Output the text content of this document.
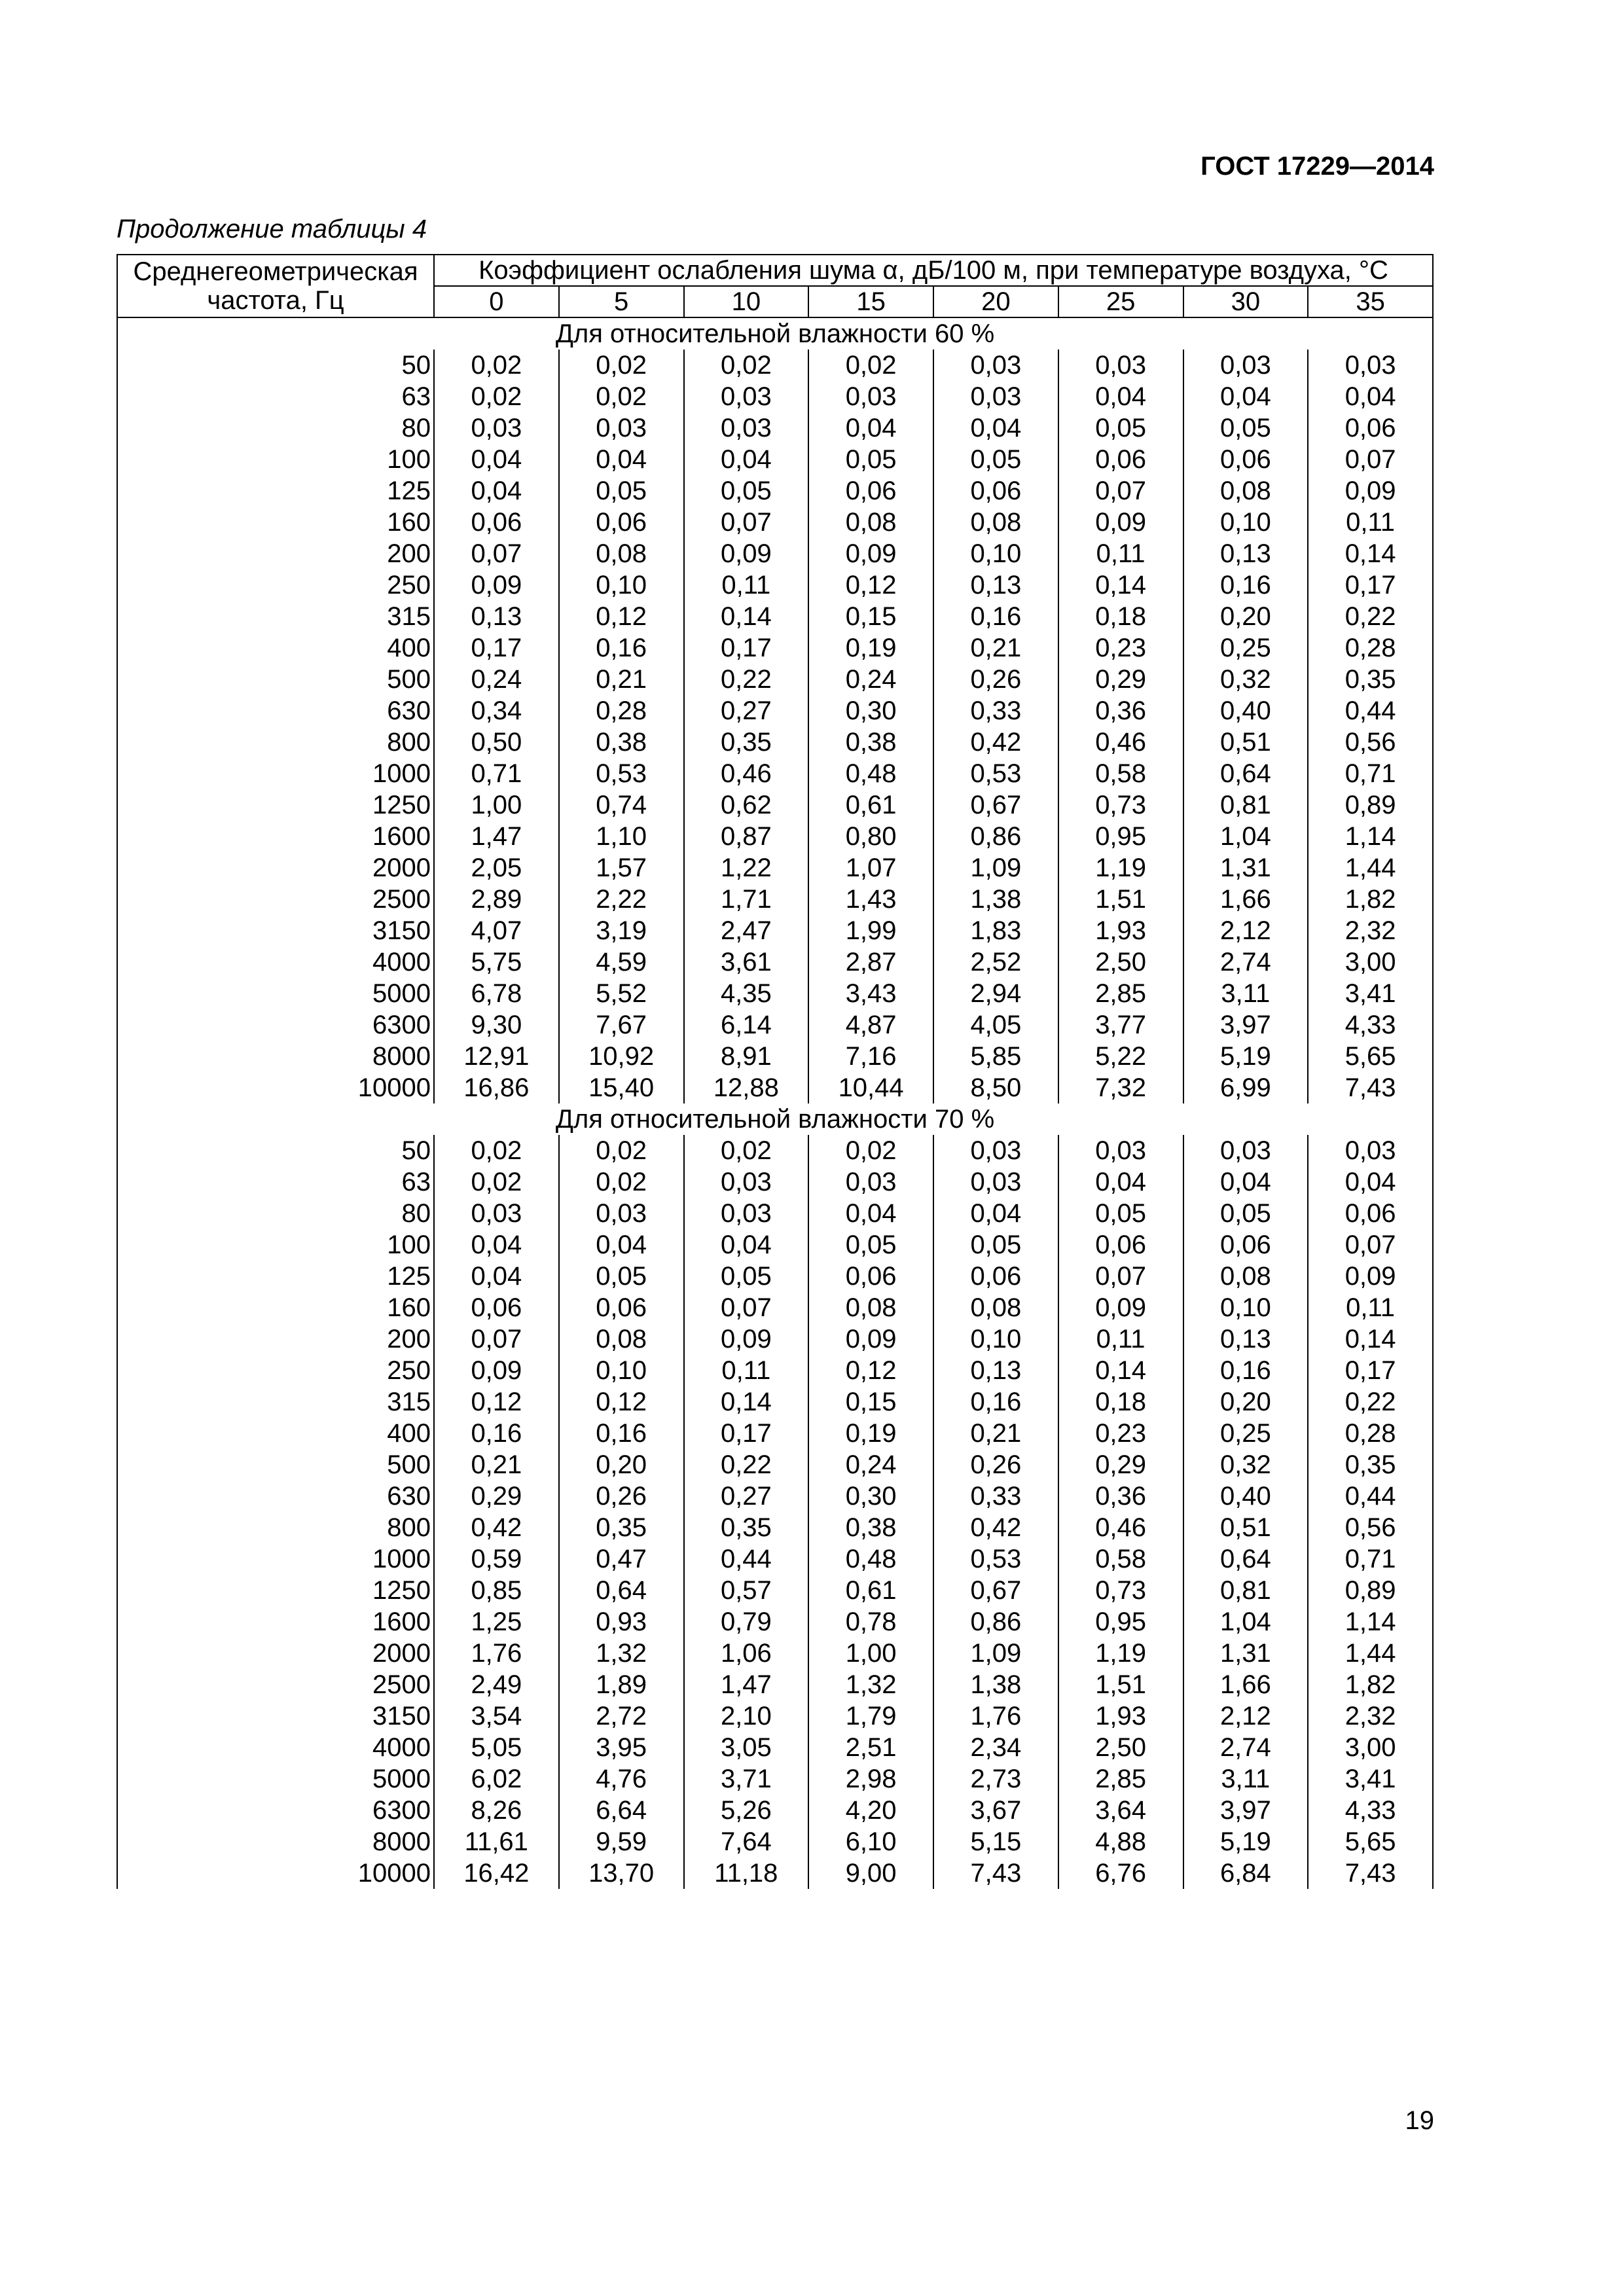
ГОСТ 17229—2014
Продолжение таблицы 4
Среднегеометрическая частота, Гц	Коэффициент ослабления шума α, дБ/100 м, при температуре воздуха, °C							
	0	5	10	15	20	25	30	35
Для относительной влажности 60 %								
50	0,02	0,02	0,02	0,02	0,03	0,03	0,03	0,03
63	0,02	0,02	0,03	0,03	0,03	0,04	0,04	0,04
80	0,03	0,03	0,03	0,04	0,04	0,05	0,05	0,06
100	0,04	0,04	0,04	0,05	0,05	0,06	0,06	0,07
125	0,04	0,05	0,05	0,06	0,06	0,07	0,08	0,09
160	0,06	0,06	0,07	0,08	0,08	0,09	0,10	0,11
200	0,07	0,08	0,09	0,09	0,10	0,11	0,13	0,14
250	0,09	0,10	0,11	0,12	0,13	0,14	0,16	0,17
315	0,13	0,12	0,14	0,15	0,16	0,18	0,20	0,22
400	0,17	0,16	0,17	0,19	0,21	0,23	0,25	0,28
500	0,24	0,21	0,22	0,24	0,26	0,29	0,32	0,35
630	0,34	0,28	0,27	0,30	0,33	0,36	0,40	0,44
800	0,50	0,38	0,35	0,38	0,42	0,46	0,51	0,56
1000	0,71	0,53	0,46	0,48	0,53	0,58	0,64	0,71
1250	1,00	0,74	0,62	0,61	0,67	0,73	0,81	0,89
1600	1,47	1,10	0,87	0,80	0,86	0,95	1,04	1,14
2000	2,05	1,57	1,22	1,07	1,09	1,19	1,31	1,44
2500	2,89	2,22	1,71	1,43	1,38	1,51	1,66	1,82
3150	4,07	3,19	2,47	1,99	1,83	1,93	2,12	2,32
4000	5,75	4,59	3,61	2,87	2,52	2,50	2,74	3,00
5000	6,78	5,52	4,35	3,43	2,94	2,85	3,11	3,41
6300	9,30	7,67	6,14	4,87	4,05	3,77	3,97	4,33
8000	12,91	10,92	8,91	7,16	5,85	5,22	5,19	5,65
10000	16,86	15,40	12,88	10,44	8,50	7,32	6,99	7,43
Для относительной влажности 70 %								
50	0,02	0,02	0,02	0,02	0,03	0,03	0,03	0,03
63	0,02	0,02	0,03	0,03	0,03	0,04	0,04	0,04
80	0,03	0,03	0,03	0,04	0,04	0,05	0,05	0,06
100	0,04	0,04	0,04	0,05	0,05	0,06	0,06	0,07
125	0,04	0,05	0,05	0,06	0,06	0,07	0,08	0,09
160	0,06	0,06	0,07	0,08	0,08	0,09	0,10	0,11
200	0,07	0,08	0,09	0,09	0,10	0,11	0,13	0,14
250	0,09	0,10	0,11	0,12	0,13	0,14	0,16	0,17
315	0,12	0,12	0,14	0,15	0,16	0,18	0,20	0,22
400	0,16	0,16	0,17	0,19	0,21	0,23	0,25	0,28
500	0,21	0,20	0,22	0,24	0,26	0,29	0,32	0,35
630	0,29	0,26	0,27	0,30	0,33	0,36	0,40	0,44
800	0,42	0,35	0,35	0,38	0,42	0,46	0,51	0,56
1000	0,59	0,47	0,44	0,48	0,53	0,58	0,64	0,71
1250	0,85	0,64	0,57	0,61	0,67	0,73	0,81	0,89
1600	1,25	0,93	0,79	0,78	0,86	0,95	1,04	1,14
2000	1,76	1,32	1,06	1,00	1,09	1,19	1,31	1,44
2500	2,49	1,89	1,47	1,32	1,38	1,51	1,66	1,82
3150	3,54	2,72	2,10	1,79	1,76	1,93	2,12	2,32
4000	5,05	3,95	3,05	2,51	2,34	2,50	2,74	3,00
5000	6,02	4,76	3,71	2,98	2,73	2,85	3,11	3,41
6300	8,26	6,64	5,26	4,20	3,67	3,64	3,97	4,33
8000	11,61	9,59	7,64	6,10	5,15	4,88	5,19	5,65
10000	16,42	13,70	11,18	9,00	7,43	6,76	6,84	7,43
19
